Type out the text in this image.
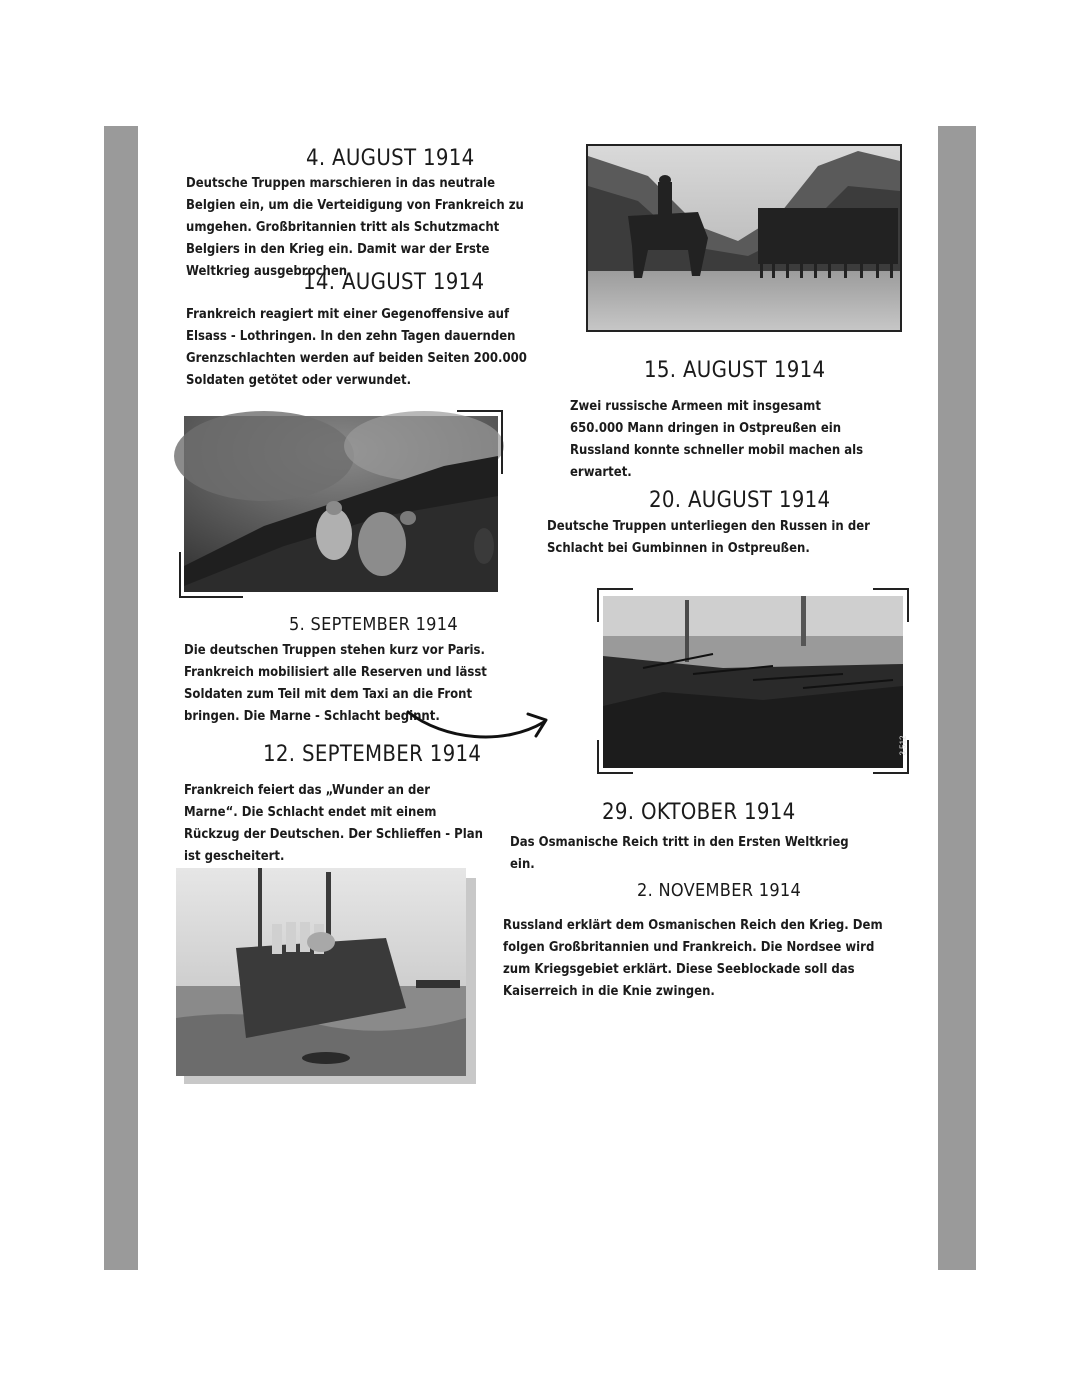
4. AUGUST 1914

Deutsche Truppen marschieren in das neutrale Belgien ein, um die Verteidigung von Frankreich zu umgehen. Großbritannien tritt als Schutzmacht Belgiers in den Krieg ein. Damit war der Erste Weltkrieg ausgebrochen.

14. AUGUST 1914

Frankreich reagiert mit einer Gegenoffensive auf Elsass - Lothringen. In den zehn Tagen dauernden Grenzschlachten werden auf beiden Seiten 200.000 Soldaten getötet oder verwundet.	15. AUGUST 1914

Zwei russische Armeen mit insgesamt 650.000 Mann dringen in Ostpreußen ein Russland konnte schneller mobil machen als erwartet.

20. AUGUST 1914

Deutsche Truppen unterliegen den Russen in der Schlacht bei Gumbinnen in Ostpreußen.

3.512
5. SEPTEMBER 1914

Die deutschen Truppen stehen kurz vor Paris. Frankreich mobilisiert alle Reserven und lässt Soldaten zum Teil mit dem Taxi an die Front bringen. Die Marne - Schlacht beginnt.

12. SEPTEMBER 1914

Frankreich feiert das „Wunder an der Marne“. Die Schlacht endet mit einem Rückzug der Deutschen. Der Schlieffen - Plan ist gescheitert.

29. OKTOBER 1914

Das Osmanische Reich tritt in den Ersten Weltkrieg ein.

2. NOVEMBER 1914

Russland erklärt dem Osmanischen Reich den Krieg. Dem folgen Großbritannien und Frankreich. Die Nordsee wird zum Kriegsgebiet erklärt. Diese Seeblockade soll das Kaiserreich in die Knie zwingen.
